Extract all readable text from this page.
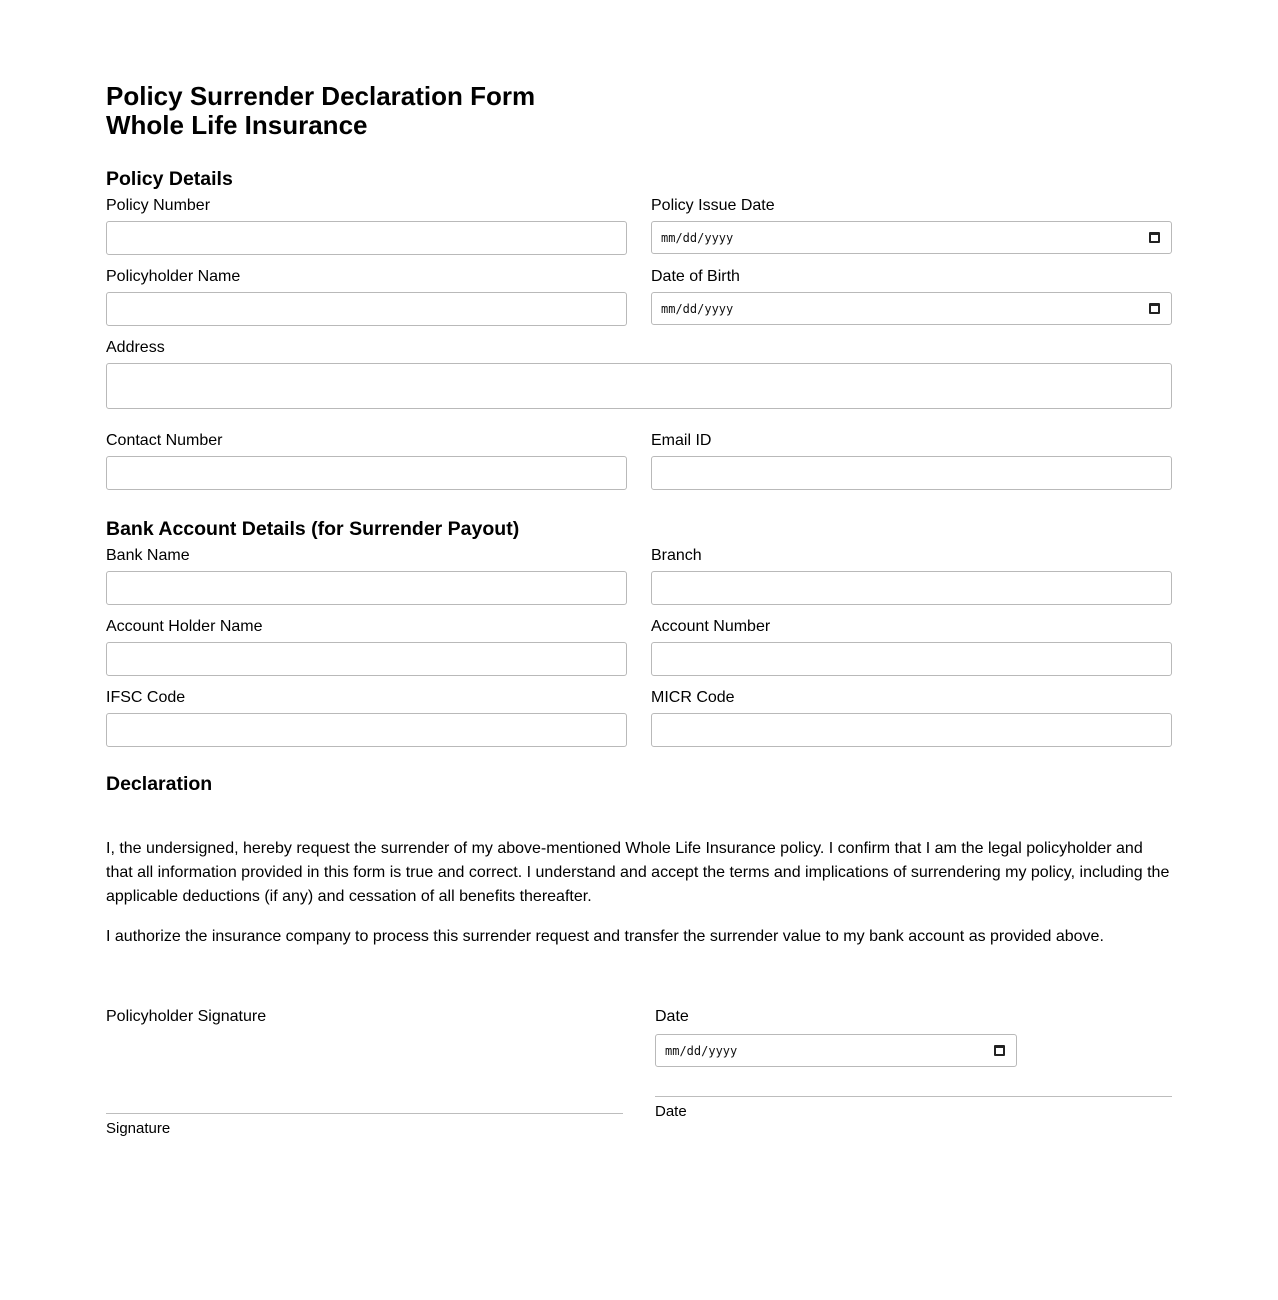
Policy Surrender Declaration Form
Whole Life Insurance
Policy Details
Policy Number	Policy Issue Date
mm/dd/yyyy
Policyholder Name	Date of Birth
mm/dd/yyyy
Address
Contact Number	Email ID
Bank Account Details (for Surrender Payout)
Bank Name	Branch
Account Holder Name	Account Number
IFSC Code	MICR Code
Declaration

I, the undersigned, hereby request the surrender of my above-mentioned Whole Life Insurance policy. I confirm that I am the legal policyholder and that all information provided in this form is true and correct. I understand and accept the terms and implications of surrendering my policy, including the applicable deductions (if any) and cessation of all benefits thereafter.

I authorize the insurance company to process this surrender request and transfer the surrender value to my bank account as provided above.

Policyholder Signature
Signature
Date
mm/dd/yyyy
Date
